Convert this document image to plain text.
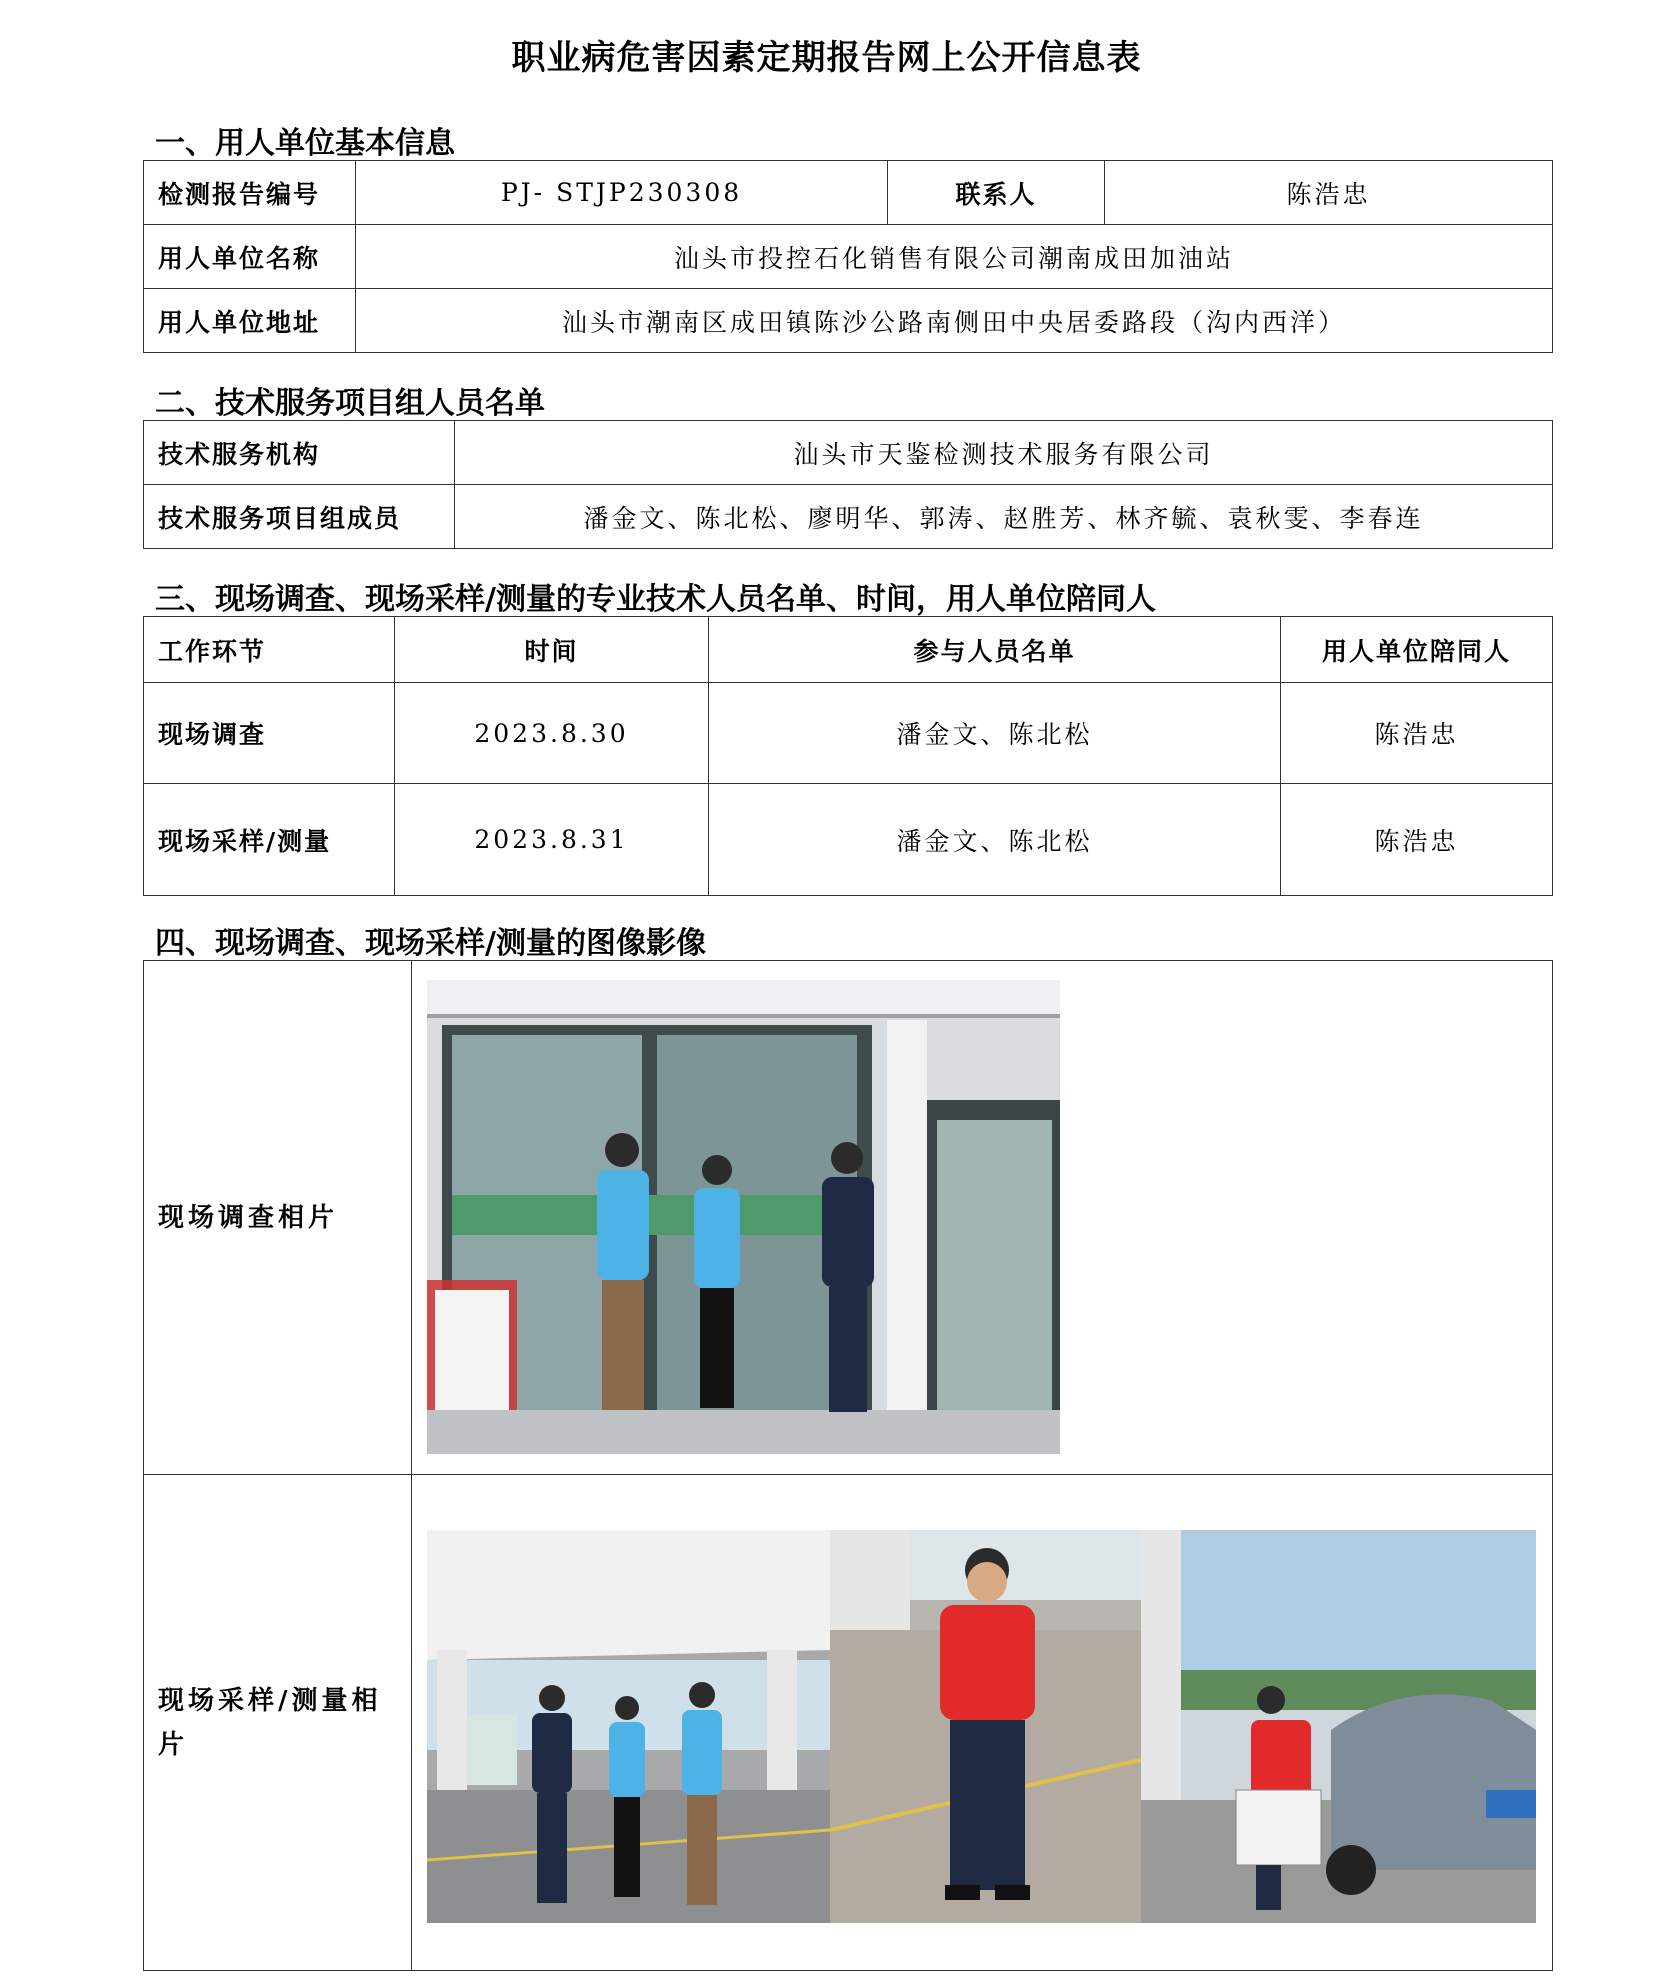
职业病危害因素定期报告网上公开信息表
一、用人单位基本信息
检测报告编号	PJ- STJP230308	联系人	陈浩忠
用人单位名称	汕头市投控石化销售有限公司潮南成田加油站		
用人单位地址	汕头市潮南区成田镇陈沙公路南侧田中央居委路段（沟内西洋）		
二、技术服务项目组人员名单
技术服务机构	汕头市天鉴检测技术服务有限公司
技术服务项目组成员	潘金文、陈北松、廖明华、郭涛、赵胜芳、林齐毓、袁秋雯、李春连
三、现场调查、现场采样/测量的专业技术人员名单、时间，用人单位陪同人
工作环节	时间	参与人员名单	用人单位陪同人
现场调查	2023.8.30	潘金文、陈北松	陈浩忠
现场采样/测量	2023.8.31	潘金文、陈北松	陈浩忠
四、现场调查、现场采样/测量的图像影像
现场调查相片	

现场采样/测量相片	
